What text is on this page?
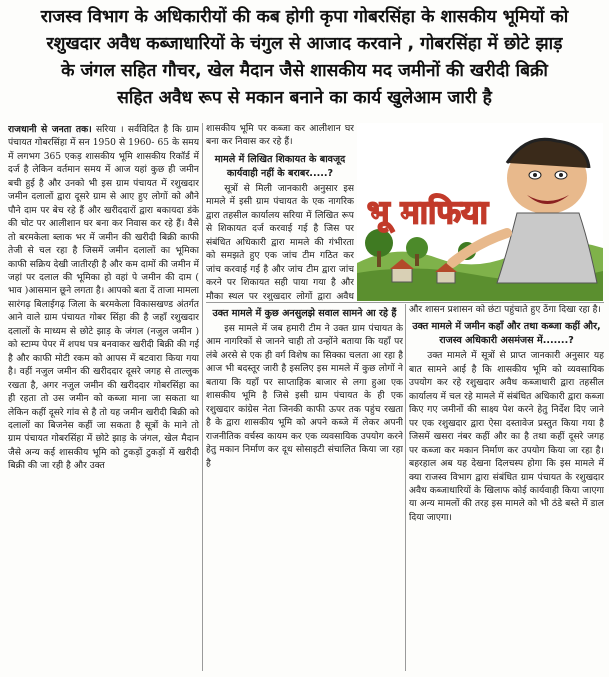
राजस्व विभाग के अधिकारीयों की कब होगी कृपा गोबरसिंहा के शासकीय भूमियों को
रशुखदार अवैध कब्जाधारियों के चंगुल से आजाद करवाने , गोबरसिंहा में छोटे झाड़
के जंगल सहित गौचर, खेल मैदान जैसे शासकीय मद जमीनों की खरीदी बिक्री
सहित अवैध रूप से मकान बनाने का कार्य खुलेआम जारी है

राजधानी से जनता तक। सरिया । सर्वविदित है कि ग्राम पंचायत गोबरसिंहा में सन 1950 से 1960- 65 के समय में लगभग 365 एकड़ शासकीय भूमि शासकीय रिकॉर्ड में दर्ज है लेकिन वर्तमान समय में आज यहां कुछ ही जमीन बची हुई है और उनको भी इस ग्राम पंचायत में रशुखदार जमीन दलालों द्वारा दूसरे ग्राम से आए हुए लोगों को औने पौने दाम पर बेच रहे हैं और खरीददारों द्वारा बकायदा डंके की चोट पर आलीशान घर बना कर निवास कर रहे हैं। वैसे तो बरमकेला ब्लाक भर में जमीन की खरीदी बिक्री काफी तेजी से चल रहा है जिसमें जमीन दलालों का भूमिका काफी सक्रिय देखी जातीरही है और कम दामों की जमीन में जहां पर दलाल की भूमिका हो वहां पे जमीन की दाम ( भाव )आसमान छूने लगता है। आपको बता दें ताजा मामला सारंगढ़ बिलाईगढ़ जिला के बरमकेला विकासखण्ड अंतर्गत आने वाले ग्राम पंचायत गोबर सिंहा की है जहाँ रशुखदार दलालों के माध्यम से छोटे झाड़ के जंगल (नजुल जमीन ) को स्टाम्प पेपर में शपथ पत्र बनवाकर खरीदी बिक्री की गई है और काफी मोटी रकम को आपस में बटवारा किया गया है। वहीं नजुल जमीन की खरीददार दूसरे जगह से ताल्लुक रखता है, अगर नजुल जमीन की खरीददार गोबरसिंहा का ही रहता तो उस जमीन को कब्जा माना जा सकता था लेकिन कहीं दूसरे गांव से है तो यह जमीन खरीदी बिक्री को दलालों का बिजनेस कहीं जा सकता है सूत्रों के माने तो ग्राम पंचायत गोबरसिंहा में छोटे झाड़ के जंगल, खेल मैदान जैसे अन्य कई शासकीय भूमि को टुकड़ों टुकड़ों में खरीदी बिक्री की जा रही है और उक्त

शासकीय भूमि पर कब्जा कर आलीशान घर बना कर निवास कर रहे हैं।

मामले में लिखित शिकायत के बावजूद कार्यवाही नहीं के बराबर.....?

सूत्रों से मिली जानकारी अनुसार इस मामले में इसी ग्राम पंचायत के एक नागरिक द्वारा तहसील कार्यालय सरिया में लिखित रूप से शिकायत दर्ज करवाई गई है जिस पर संबंधित अधिकारी द्वारा मामले की गंभीरता को समझते हुए एक जांच टीम गठित कर जांच करवाई गई है और जांच टीम द्वारा जांच करने पर शिकायत सही पाया गया है और मौका स्थल पर रशुखदार लोगों द्वारा अवैध

भू माफिया

उक्त मामले में कुछ अनसुलझे सवाल सामने आ रहे हैं

इस मामले में जब हमारी टीम ने उक्त ग्राम पंचायत के आम नागरिकों से जानने चाही तो उन्होंने बताया कि यहाँ पर लंबे अरसे से एक ही वर्ग विशेष का सिक्का चलता आ रहा है आज भी बदस्तूर जारी है इसलिए इस मामले में कुछ लोगों ने बताया कि यहाँ पर साप्ताहिक बाजार से लगा हुआ एक शासकीय भूमि है जिसे इसी ग्राम पंचायत के ही एक रशुखदार कांग्रेस नेता जिनकी काफी ऊपर तक पहुंच रखता है के द्वारा शासकीय भूमि को अपने कब्जे में लेकर अपनी राजनीतिक वर्चस्व कायम कर एक व्यवसायिक उपयोग करने हेतु मकान निर्माण कर दूध सोसाइटी संचालित किया जा रहा है

और शासन प्रशासन को छंटा पहुंचाते हुए ठेंगा दिखा रहा है।

उक्त मामले में जमीन कहाँ और तथा कब्जा कहीं और, राजस्व अधिकारी असमंजस में.......?

उक्त मामले में सूत्रों से प्राप्त जानकारी अनुसार यह बात सामने आई है कि शासकीय भूमि को व्यवसायिक उपयोग कर रहे रशुखदार अवैध कब्जाधारी द्वारा तहसील कार्यालय में चल रहे मामले में संबंधित अधिकारी द्वारा कब्जा किए गए जमीनों की साक्ष्य पेश करने हेतु निर्देश दिए जाने पर एक रशुखदार द्वारा ऐसा दस्तावेज प्रस्तुत किया गया है जिसमें खसरा नंबर कहीं और का है तथा कहीं दूसरे जगह पर कब्जा कर मकान निर्माण कर उपयोग किया जा रहा है। बहरहाल अब यह देखना दिलचस्प होगा कि इस मामले में क्या राजस्व विभाग द्वारा संबंधित ग्राम पंचायत के रशुखदार अवैध कब्जाधारियों के खिलाफ कोई कार्यवाही किया जाएगा या अन्य मामलों की तरह इस मामले को भी ठंडे बस्ते में डाल दिया जाएगा।
